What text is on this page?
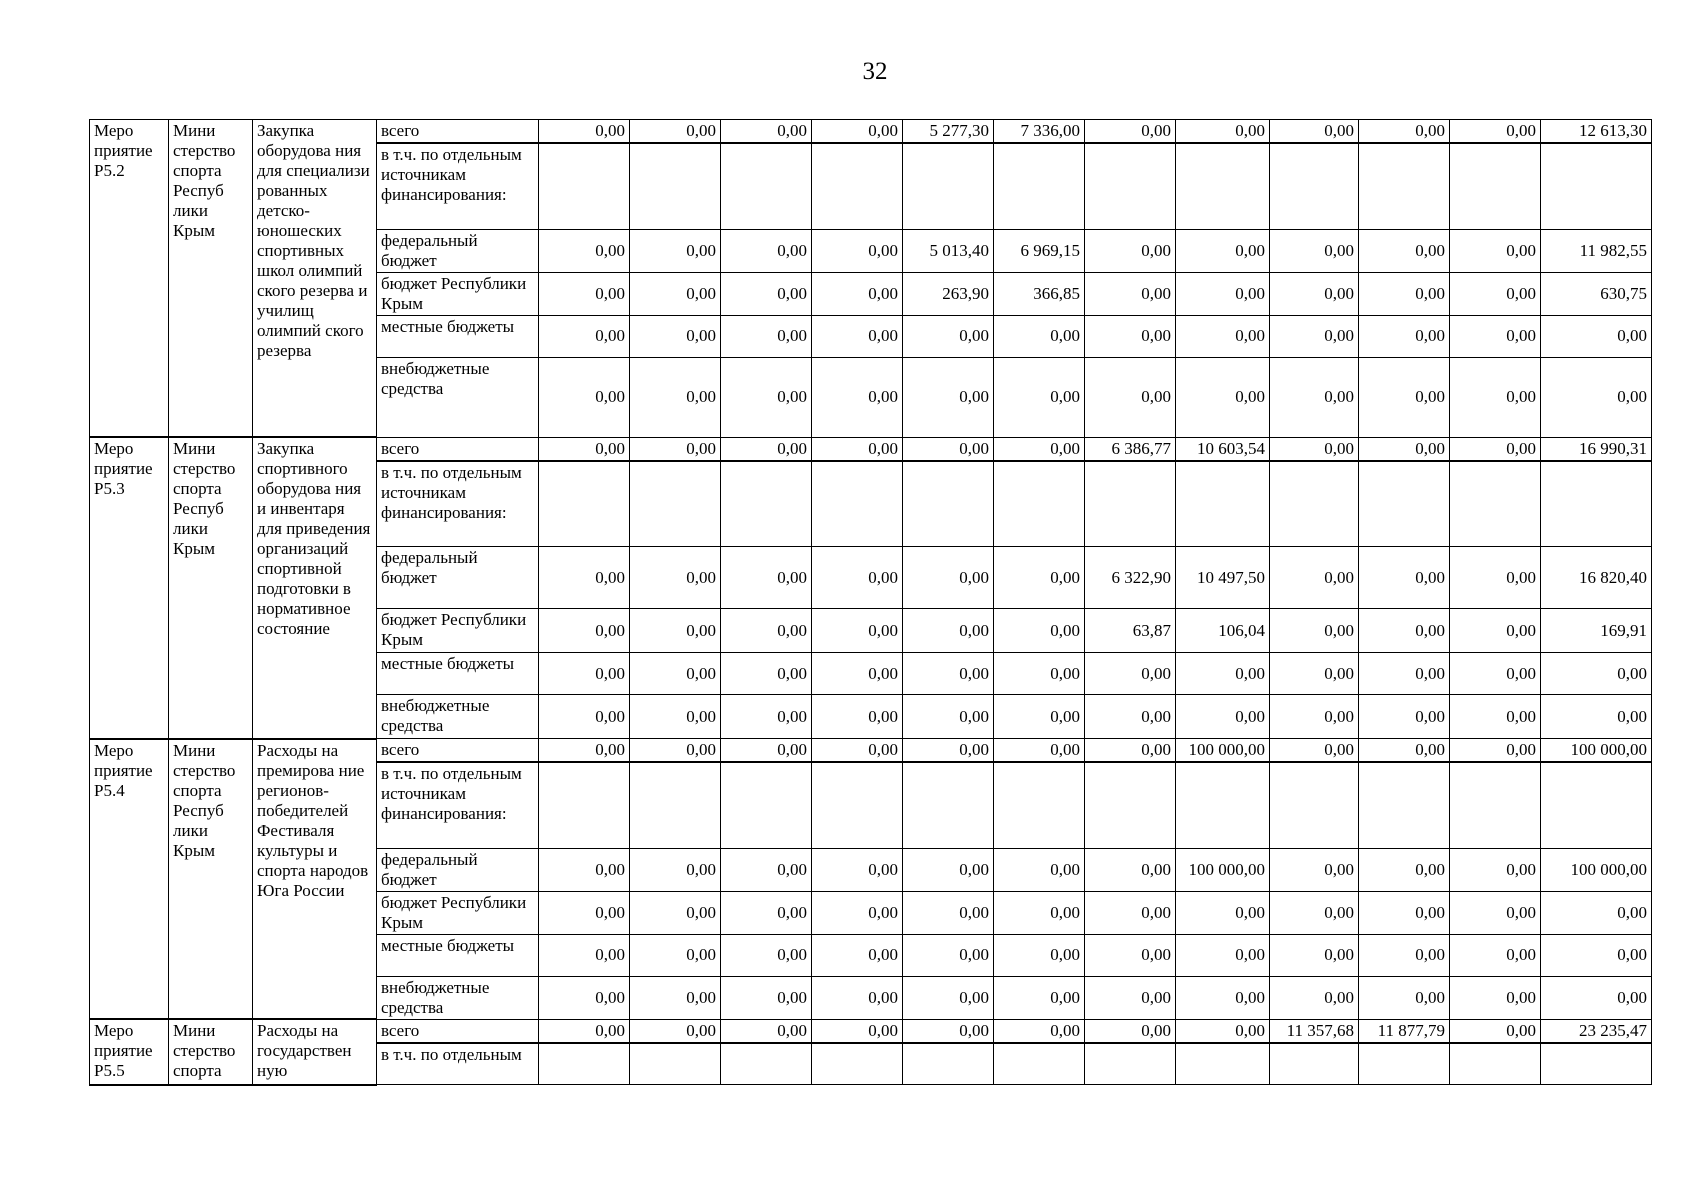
32
Меро приятие Р5.2	Мини стерство спорта Респуб лики Крым	Закупка оборудова ния для специализи рованных детско-юношеских спортивных школ олимпий ского резерва и училищ олимпий ского резерва	всего	0,00	0,00	0,00	0,00	5 277,30	7 336,00	0,00	0,00	0,00	0,00	0,00	12 613,30
			в т.ч. по отдельным источникам финансирования:												
			федеральный бюджет	0,00	0,00	0,00	0,00	5 013,40	6 969,15	0,00	0,00	0,00	0,00	0,00	11 982,55
			бюджет Республики Крым	0,00	0,00	0,00	0,00	263,90	366,85	0,00	0,00	0,00	0,00	0,00	630,75
			местные бюджеты	0,00	0,00	0,00	0,00	0,00	0,00	0,00	0,00	0,00	0,00	0,00	0,00
			внебюджетные средства	0,00	0,00	0,00	0,00	0,00	0,00	0,00	0,00	0,00	0,00	0,00	0,00
Меро приятие Р5.3	Мини стерство спорта Респуб лики Крым	Закупка спортивного оборудова ния и инвентаря для приведения организаций спортивной подготовки в нормативное состояние	всего	0,00	0,00	0,00	0,00	0,00	0,00	6 386,77	10 603,54	0,00	0,00	0,00	16 990,31
			в т.ч. по отдельным источникам финансирования:												
			федеральный бюджет	0,00	0,00	0,00	0,00	0,00	0,00	6 322,90	10 497,50	0,00	0,00	0,00	16 820,40
			бюджет Республики Крым	0,00	0,00	0,00	0,00	0,00	0,00	63,87	106,04	0,00	0,00	0,00	169,91
			местные бюджеты	0,00	0,00	0,00	0,00	0,00	0,00	0,00	0,00	0,00	0,00	0,00	0,00
			внебюджетные средства	0,00	0,00	0,00	0,00	0,00	0,00	0,00	0,00	0,00	0,00	0,00	0,00
Меро приятие Р5.4	Мини стерство спорта Респуб лики Крым	Расходы на премирова ние регионов-победителей Фестиваля культуры и спорта народов Юга России	всего	0,00	0,00	0,00	0,00	0,00	0,00	0,00	100 000,00	0,00	0,00	0,00	100 000,00
			в т.ч. по отдельным источникам финансирования:												
			федеральный бюджет	0,00	0,00	0,00	0,00	0,00	0,00	0,00	100 000,00	0,00	0,00	0,00	100 000,00
			бюджет Республики Крым	0,00	0,00	0,00	0,00	0,00	0,00	0,00	0,00	0,00	0,00	0,00	0,00
			местные бюджеты	0,00	0,00	0,00	0,00	0,00	0,00	0,00	0,00	0,00	0,00	0,00	0,00
			внебюджетные средства	0,00	0,00	0,00	0,00	0,00	0,00	0,00	0,00	0,00	0,00	0,00	0,00
Меро приятие Р5.5	Мини стерство спорта	Расходы на государствен ную	всего	0,00	0,00	0,00	0,00	0,00	0,00	0,00	0,00	11 357,68	11 877,79	0,00	23 235,47
			в т.ч. по отдельным												
